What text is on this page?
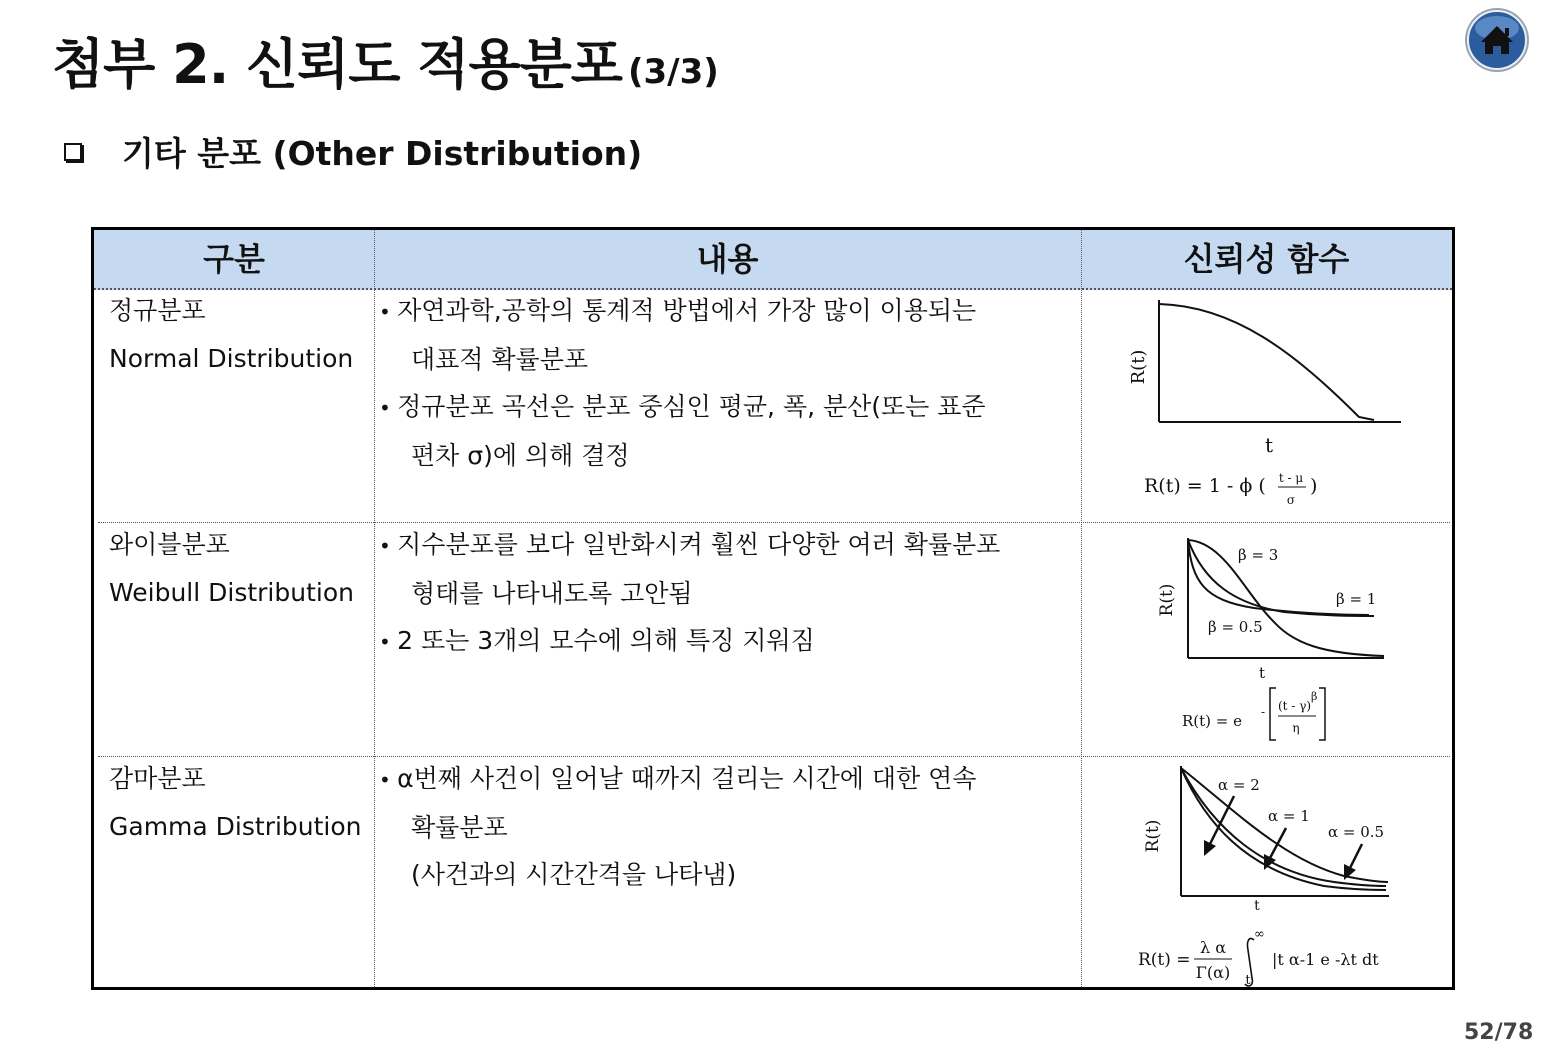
첨부 2. 신뢰도 적용분포 (3/3)
기타 분포 (Other Distribution)
구분	내용	신뢰성 함수
정규분포
Normal Distribution
• 자연과학,공학의 통계적 방법에서 가장 많이 이용되는
대표적 확률분포
• 정규분포 곡선은 분포 중심인 평균, 폭, 분산(또는 표준
편차 σ)에 의해 결정
R(t)
t
R(t) = 1 - ϕ ( t - μ
σ
)
와이블분포
Weibull Distribution
• 지수분포를 보다 일반화시켜 훨씬 다양한 여러 확률분포
형태를 나타내도록 고안됨
• 2 또는 3개의 모수에 의해 특징 지워짐
β = 3
β = 1
β = 0.5
R(t)
t
R(t) = e - (t - γ)
β
η
감마분포
Gamma Distribution
• α번째 사건이 일어날 때까지 걸리는 시간에 대한 연속
확률분포
(사건과의 시간간격을 나타냄)
α = 2
α = 1
α = 0.5
R(t)
t
R(t) =
λ α
Γ(α)
∞
t
|t α-1 e -λt dt
52/78
